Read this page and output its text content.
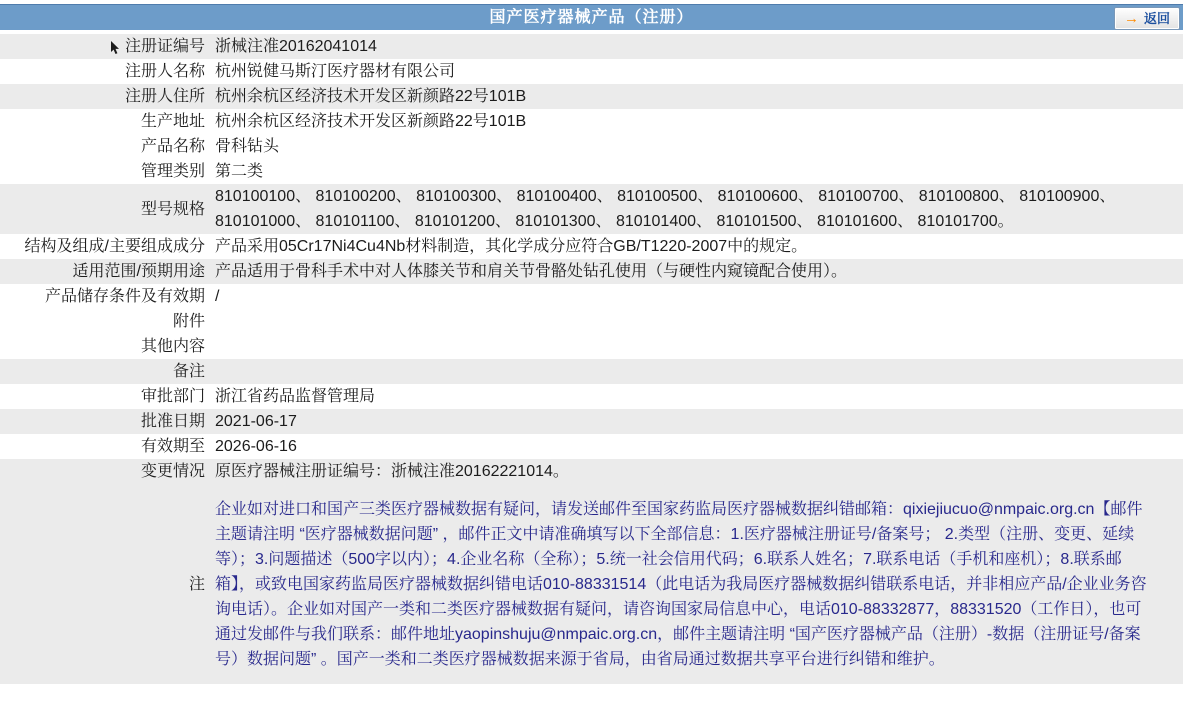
国产医疗器械产品（注册）	→ 返回
注册证编号 浙械注准20162041014
注册人名称 杭州锐健马斯汀医疗器材有限公司
注册人住所 杭州余杭区经济技术开发区新颜路22号101B
生产地址 杭州余杭区经济技术开发区新颜路22号101B
产品名称 骨科钻头
管理类别 第二类
型号规格
810100100、 810100200、 810100300、 810100400、 810100500、 810100600、 810100700、 810100800、 810100900、 810101000、 810101100、 810101200、 810101300、 810101400、 810101500、 810101600、 810101700。
结构及组成/主要组成成分 产品采用05Cr17Ni4Cu4Nb材料制造，其化学成分应符合GB/T1220-2007中的规定。
适用范围/预期用途 产品适用于骨科手术中对人体膝关节和肩关节骨骼处钻孔使用（与硬性内窥镜配合使用）。
产品储存条件及有效期 /
附件
其他内容
备注
审批部门 浙江省药品监督管理局
批准日期 2021-06-17
有效期至 2026-06-16
变更情况 原医疗器械注册证编号：浙械注准20162221014。
注
企业如对进口和国产三类医疗器械数据有疑问，请发送邮件至国家药监局医疗器械数据纠错邮箱：qixiejiucuo@nmpaic.org.cn【邮件主题请注明 “医疗器械数据问题” ，邮件正文中请准确填写以下全部信息：1.医疗器械注册证号/备案号； 2.类型（注册、变更、延续等）；3.问题描述（500字以内）；4.企业名称（全称）；5.统一社会信用代码；6.联系人姓名；7.联系电话（手机和座机）；8.联系邮箱】，或致电国家药监局医疗器械数据纠错电话010-88331514（此电话为我局医疗器械数据纠错联系电话，并非相应产品/企业业务咨询电话）。企业如对国产一类和二类医疗器械数据有疑问，请咨询国家局信息中心，电话010-88332877，88331520（工作日），也可通过发邮件与我们联系：邮件地址yaopinshuju@nmpaic.org.cn，邮件主题请注明 “国产医疗器械产品（注册）-数据（注册证号/备案号）数据问题” 。国产一类和二类医疗器械数据来源于省局，由省局通过数据共享平台进行纠错和维护。
